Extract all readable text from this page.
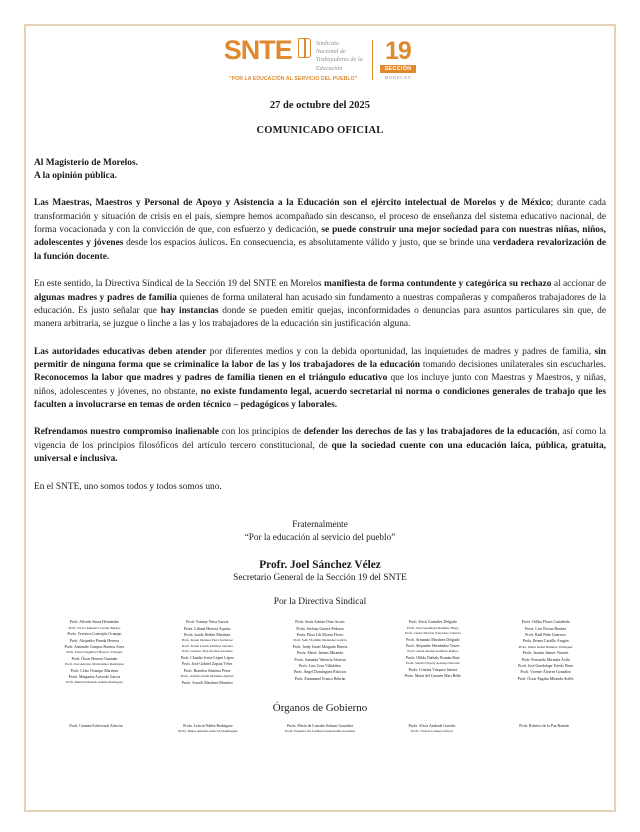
SNTE	Sindicato
Nacional de
Trabajadores de la
Educación
"POR LA EDUCACIÓN AL SERVICIO DEL PUEBLO"
19
SECCIÓN
MORELOS
27 de octubre del 2025
COMUNICADO OFICIAL
Al Magisterio de Morelos.
A la opinión pública.

Las Maestras, Maestros y Personal de Apoyo y Asistencia a la Educación son el ejército intelectual de Morelos y de México; durante cada transformación y situación de crisis en el país, siempre hemos acompañado sin descanso, el proceso de enseñanza del sistema educativo nacional, de forma vocacionada y con la convicción de que, con esfuerzo y dedicación, se puede construir una mejor sociedad para con nuestras niñas, niños, adolescentes y jóvenes desde los espacios áulicos. En consecuencia, es absolutamente válido y justo, que se brinde una verdadera revalorización de la función docente.

En este sentido, la Directiva Sindical de la Sección 19 del SNTE en Morelos manifiesta de forma contundente y categórica su rechazo al accionar de algunas madres y padres de familia quienes de forma unilateral han acusado sin fundamento a nuestras compañeras y compañeros trabajadores de la educación. Es justo señalar que hay instancias donde se pueden emitir quejas, inconformidades o denuncias para asuntos particulares sin que, de manera arbitraria, se juzgue o linche a las y los trabajadores de la educación sin justificación alguna.

Las autoridades educativas deben atender por diferentes medios y con la debida oportunidad, las inquietudes de madres y padres de familia, sin permitir de ninguna forma que se criminalice la labor de las y los trabajadores de la educación tomando decisiones unilaterales sin escucharles. Reconocemos la labor que madres y padres de familia tienen en el triángulo educativo que los incluye junto con Maestras y Maestros, y niñas, niños, adolescentes y jóvenes, no obstante, no existe fundamento legal, acuerdo secretarial ni norma o condiciones generales de trabajo que les faculten a involucrarse en temas de orden técnico – pedagógicos y laborales.

Refrendamos nuestro compromiso inalienable con los principios de defender los derechos de las y los trabajadores de la educación, así como la vigencia de los principios filosóficos del artículo tercero constitucional, de que la sociedad cuente con una educación laica, pública, gratuita, universal e inclusiva.

En el SNTE, uno somos todos y todos somos uno.
Fraternalmente
“Por la educación al servicio del pueblo”
Profr. Joel Sánchez Vélez
Secretario General de la Sección 19 del SNTE
Por la Directiva Sindical
Profr. Alfredo Serna Hernández
Profr. Víctor Manuel Corrales Burgos
Profa. Verónica Castrejón Ocampo
Profr. Alejandro Pineda Herrera
Profr. Armando Campos Buenos Aires
Profr. Pastor Engelbert Horacio Vázquez
Profr. Óscar Herrera Guzmán
Profr. José Antonio Montoamoa Rodríguez
Profr. Celso Ocampo Martínez
Profa. Margarita Acevedo García
Profr. Ramón Eduardo Adame Rodríguez
Profr. Tommy Nava García
Profa. Liliana Herrera Aquino
Profa. Isaidy Ibáñez Martínez
Profa. Karen Denisse Parra Gutiérrez
Profa. Karen Lizeth Tallabas Santana
Profr. Gustavo Noé Alcázar Arcianes
Profr. Claudio Ivette López López
Profr. José Gabriel Zapata Vélez
Profr. Brandon Sánchez Pérez
Profa. Adriana Arida Martínez Aguirre
Profa. Araceli Martínez Montero
Profr. Jesús Adrián Ortiz Arcias
Profa. Stefany Guerra Pedraza
Profa. Elisa Lilí Morán Flores
Profr. Seth Vladimir Meléndez Galicia
Profr. Jordy Israel Morgado Huerta
Profa. Mavic Jaimes Miranda
Profa. Samanta Valencia Alarista
Profr. Luis Cruz Villalobos
Profr. Ángel Domínguez Palacios
Profr. Emmanuel Franco Beltrán
Profr. Erick González Delgado
Profr. José Guadalupe Ramírez Plugo
Profr. Carlos Nicolás Solorzano Cabrera
Profr. Armando Martínez Delgado
Profr. Alejandro Hernández Torres
Profa. Issela Anabel Gallardo Ramos
Profa. Olilda Nathaly Román Ruiz
Profa. Sandra Nayely Arzuaga Morales
Profa. Cristina Vázquez Iniesta
Profa. María del Carmen Mari Bello
Profa. Odilia Flores Castañeda
Profa. Ciro Fortuz Benítez
Profr. Raúl Peña Guerrero
Profa. Ibsena Castillo Aragón
Profa. María Isabel Ramírez Velázquez
Profa. Jazmín Jaimes Vinarés
Profr. Fernando Miranda Ávila
Profr. José Guadalupe Toledo Pinta
Profr. Vicente Álvarez González
Profr. Óscar Fagaba Miranda Avilés
Órganos de Gobierno
Profr. Carmen Echeverría Alarcón	Profa. Leticia Núñez Rodríguez
Profa. María Amadea Alarcón Domínguez
Profa. María de Lourdes Salazar González
Profa. Eugenia del Carmen Guadarrama González
Profa. Alicia Andrade Garrido
Profa. Violeta Campos Alvear
Profr. Roberto de la Paz Román
